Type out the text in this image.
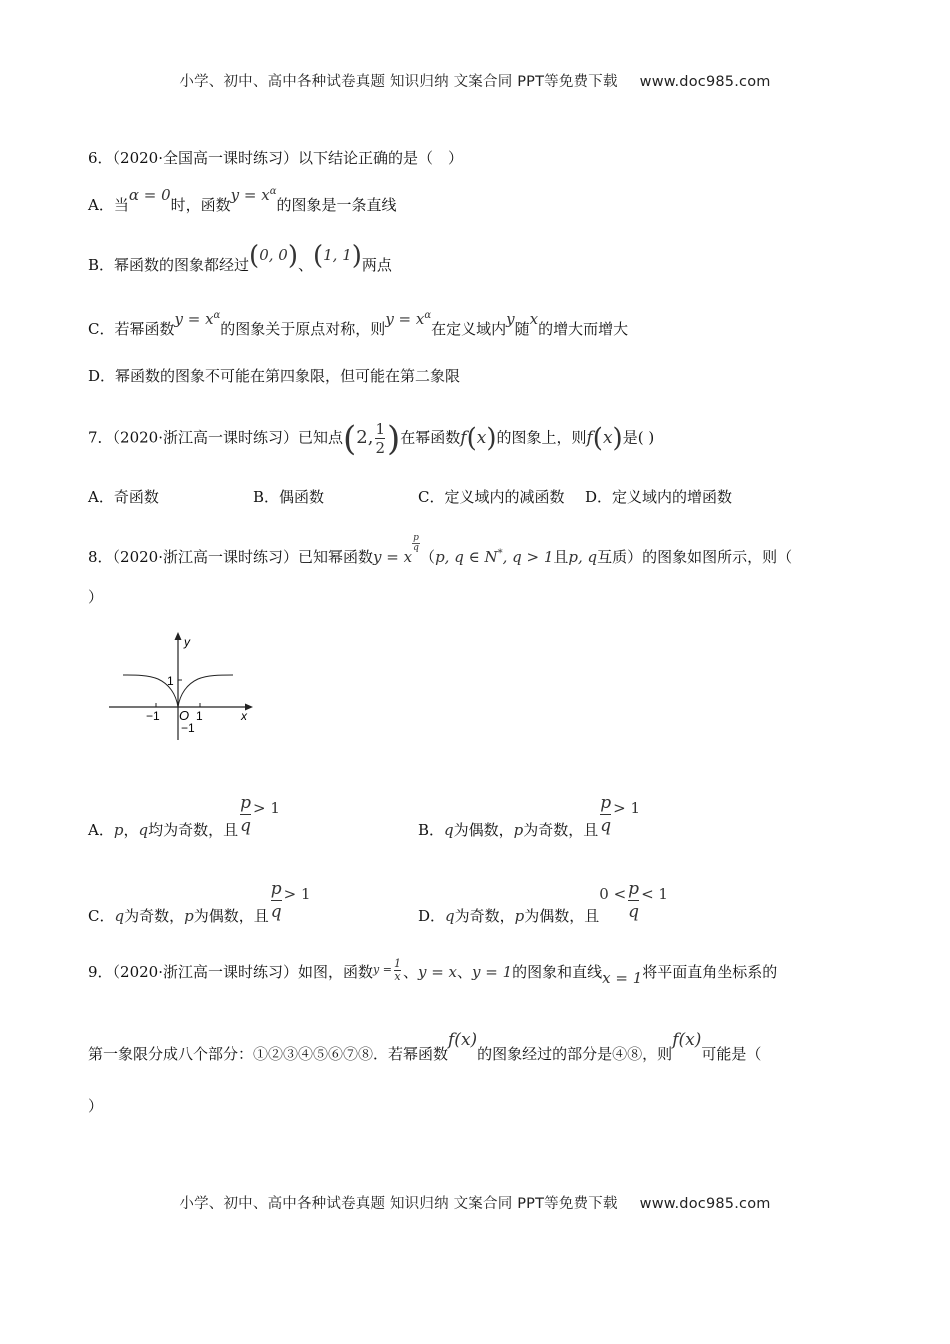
小学、初中、高中各种试卷真题 知识归纳 文案合同 PPT等免费下载 www.doc985.com
6．（2020·全国高一课时练习）以下结论正确的是（　）
A．当α = 0时，函数$y = x^\alpha$的图象是一条直线
B．幂函数的图象都经过(0, 0)、(1, 1)两点
C．若幂函数$y = x^\alpha$的图象关于原点对称，则$y = x^\alpha$在定义域内y随x的增大而增大
D．幂函数的图象不可能在第四象限，但可能在第二象限
7．（2020·浙江高一课时练习）已知点(2, $\frac{1}{2}$ )在幂函数f(x)的图象上，则f(x)是( )
A．奇函数	B．偶函数	C．定义域内的减函数 D．定义域内的增函数
8．（2020·浙江高一课时练习）已知幂函数y = x
$\frac{p}{q}$
（p, q ∈ N*, q > 1且p, q互质）的图象如图所示，则（
）
y
x
O
−1	1
1
−1
A．p，q均为奇数，且 $\frac{p}{q} > 1$
B．q为偶数，p为奇数，且 $\frac{p}{q} > 1$
C．q为奇数，p为偶数，且 $\frac{p}{q} > 1$
D．q为奇数，p为偶数，且$0 < \frac{p}{q} < 1$
9．（2020·浙江高一课时练习）如图，函数$^{y = \frac{1}{x}}$ 、y = x、y = 1的图象和直线x = 1将平面直角坐标系的
第一象限分成八个部分：①②③④⑤⑥⑦⑧．若幂函数f(x)的图象经过的部分是④⑧，则f(x)可能是（
）
小学、初中、高中各种试卷真题 知识归纳 文案合同 PPT等免费下载 www.doc985.com
